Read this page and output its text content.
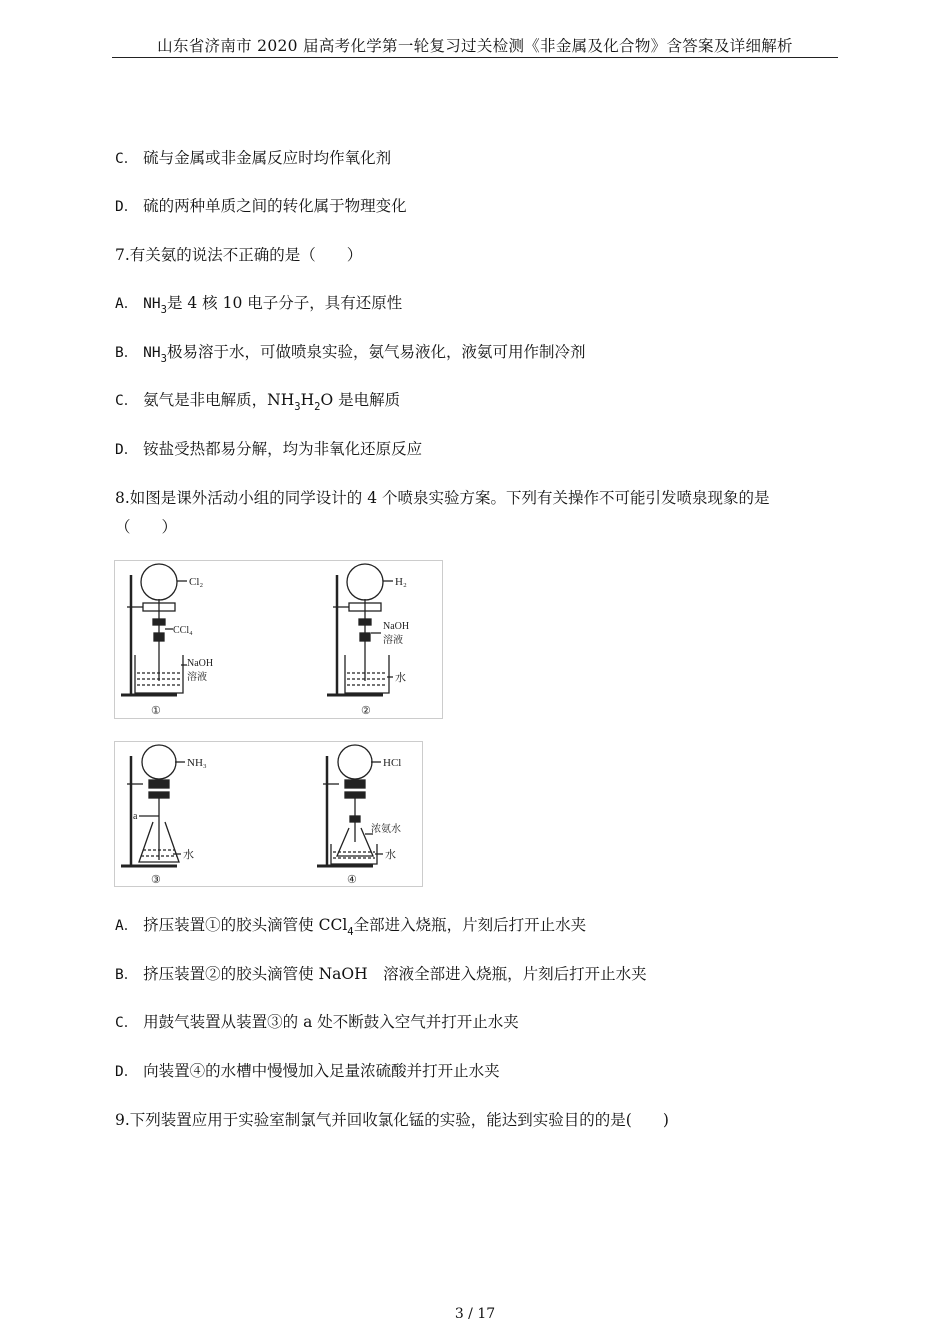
山东省济南市 2020 届高考化学第一轮复习过关检测《非金属及化合物》含答案及详细解析
C． 硫与金属或非金属反应时均作氧化剂
D． 硫的两种单质之间的转化属于物理变化
7.有关氨的说法不正确的是（　　）
A． $NH_3$是 4 核 10 电子分子，具有还原性
B． $NH_3$极易溶于水，可做喷泉实验，氨气易液化，液氨可用作制冷剂
C． 氨气是非电解质，$NH_3H_2O$ 是电解质
D． 铵盐受热都易分解，均为非氧化还原反应
8.如图是课外活动小组的同学设计的 4 个喷泉实验方案。下列有关操作不可能引发喷泉现象的是
（　　）
Cl₂
CCl₄
NaOH
溶液
①
H₂
NaOH
溶液
水
②
NH₃
a
水
③
HCl
浓氨水
水
④
A． 挤压装置①的胶头滴管使 CCl$_4$全部进入烧瓶，片刻后打开止水夹
B． 挤压装置②的胶头滴管使 NaOH　溶液全部进入烧瓶，片刻后打开止水夹
C． 用鼓气装置从装置③的 a 处不断鼓入空气并打开止水夹
D． 向装置④的水槽中慢慢加入足量浓硫酸并打开止水夹
9.下列装置应用于实验室制氯气并回收氯化锰的实验，能达到实验目的的是(　　)
3 / 17
